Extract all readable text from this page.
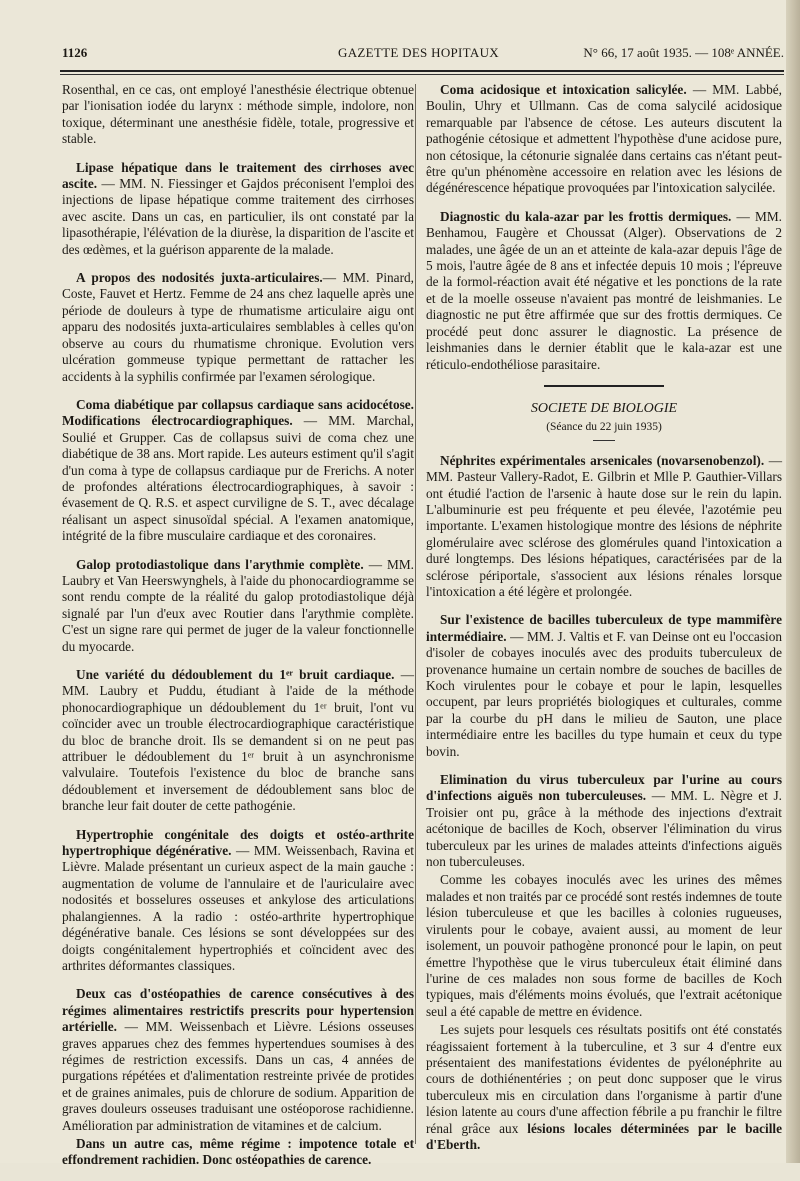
1126	GAZETTE DES HOPITAUX	N° 66, 17 août 1935. — 108ᵉ ANNÉE.

Rosenthal, en ce cas, ont employé l'anesthésie électrique obtenue par l'ionisation iodée du larynx : méthode simple, indolore, non toxique, déterminant une anesthésie fidèle, totale, progressive et stable.

Lipase hépatique dans le traitement des cirrhoses avec ascite. — MM. N. Fiessinger et Gajdos préconisent l'emploi des injections de lipase hépatique comme traitement des cirrhoses avec ascite. Dans un cas, en particulier, ils ont constaté par la lipasothérapie, l'élévation de la diurèse, la disparition de l'ascite et des œdèmes, et la guérison apparente de la malade.

A propos des nodosités juxta-articulaires.— MM. Pinard, Coste, Fauvet et Hertz. Femme de 24 ans chez laquelle après une période de douleurs à type de rhumatisme articulaire aigu ont apparu des nodosités juxta-articulaires semblables à celles qu'on observe au cours du rhumatisme chronique. Evolution vers ulcération gommeuse typique permettant de rattacher les accidents à la syphilis confirmée par l'examen sérologique.

Coma diabétique par collapsus cardiaque sans acidocétose. Modifications électrocardiographiques. — MM. Marchal, Soulié et Grupper. Cas de collapsus suivi de coma chez une diabétique de 38 ans. Mort rapide. Les auteurs estiment qu'il s'agit d'un coma à type de collapsus cardiaque pur de Frerichs. A noter de profondes altérations électrocardiographiques, à savoir : évasement de Q. R.S. et aspect curviligne de S. T., avec décalage réalisant un aspect sinusoïdal spécial. A l'examen anatomique, intégrité de la fibre musculaire cardiaque et des coronaires.

Galop protodiastolique dans l'arythmie complète. — MM. Laubry et Van Heerswynghels, à l'aide du phonocardiogramme se sont rendu compte de la réalité du galop protodiastolique déjà signalé par l'un d'eux avec Routier dans l'arythmie complète. C'est un signe rare qui permet de juger de la valeur fonctionnelle du myocarde.

Une variété du dédoublement du 1ᵉʳ bruit cardiaque. — MM. Laubry et Puddu, étudiant à l'aide de la méthode phonocardiographique un dédoublement du 1ᵉʳ bruit, l'ont vu coïncider avec un trouble électrocardiographique caractéristique du bloc de branche droit. Ils se demandent si on ne peut pas attribuer le dédoublement du 1ᵉʳ bruit à un asynchronisme valvulaire. Toutefois l'existence du bloc de branche sans dédoublement et inversement de dédoublement sans bloc de branche leur fait douter de cette pathogénie.

Hypertrophie congénitale des doigts et ostéo-arthrite hypertrophique dégénérative. — MM. Weissenbach, Ravina et Lièvre. Malade présentant un curieux aspect de la main gauche : augmentation de volume de l'annulaire et de l'auriculaire avec nodosités et bosselures osseuses et ankylose des articulations phalangiennes. A la radio : ostéo-arthrite hypertrophique dégénérative banale. Ces lésions se sont développées sur des doigts congénitalement hypertrophiés et coïncident avec des arthrites déformantes classiques.

Deux cas d'ostéopathies de carence consécutives à des régimes alimentaires restrictifs prescrits pour hypertension artérielle. — MM. Weissenbach et Lièvre. Lésions osseuses graves apparues chez des femmes hypertendues soumises à des régimes de restriction excessifs. Dans un cas, 4 années de purgations répétées et d'alimentation restreinte privée de protides et de graines animales, puis de chlorure de sodium. Apparition de graves douleurs osseuses traduisant une ostéoporose rachidienne. Amélioration par administration de vitamines et de calcium.

Dans un autre cas, même régime : impotence totale et effondrement rachidien. Donc ostéopathies de carence.

Coma acidosique et intoxication salicylée. — MM. Labbé, Boulin, Uhry et Ullmann. Cas de coma salycilé acidosique remarquable par l'absence de cétose. Les auteurs discutent la pathogénie cétosique et admettent l'hypothèse d'une acidose pure, non cétosique, la cétonurie signalée dans certains cas n'étant peut-être qu'un phénomène accessoire en relation avec les lésions de dégénérescence hépatique provoquées par l'intoxication salycilée.

Diagnostic du kala-azar par les frottis dermiques. — MM. Benhamou, Faugère et Choussat (Alger). Observations de 2 malades, une âgée de un an et atteinte de kala-azar depuis l'âge de 5 mois, l'autre âgée de 8 ans et infectée depuis 10 mois ; l'épreuve de la formol-réaction avait été négative et les ponctions de la rate et de la moelle osseuse n'avaient pas montré de leishmanies. Le diagnostic ne put être affirmée que sur des frottis dermiques. Ce procédé peut donc assurer le diagnostic. La présence de leishmanies dans le dernier établit que le kala-azar est une réticulo-endothéliose parasitaire.

SOCIETE DE BIOLOGIE
(Séance du 22 juin 1935)

Néphrites expérimentales arsenicales (novarsenobenzol). — MM. Pasteur Vallery-Radot, E. Gilbrin et Mlle P. Gauthier-Villars ont étudié l'action de l'arsenic à haute dose sur le rein du lapin. L'albuminurie est peu fréquente et peu élevée, l'azotémie peu importante. L'examen histologique montre des lésions de néphrite glomérulaire avec sclérose des glomérules quand l'intoxication a duré longtemps. Des lésions hépatiques, caractérisées par de la sclérose périportale, s'associent aux lésions rénales lorsque l'intoxication a été légère et prolongée.

Sur l'existence de bacilles tuberculeux de type mammifère intermédiaire. — MM. J. Valtis et F. van Deinse ont eu l'occasion d'isoler de cobayes inoculés avec des produits tuberculeux de provenance humaine un certain nombre de souches de bacilles de Koch virulentes pour le cobaye et pour le lapin, lesquelles occupent, par leurs propriétés biologiques et culturales, comme par la courbe du pH dans le milieu de Sauton, une place intermédiaire entre les bacilles du type humain et ceux du type bovin.

Elimination du virus tuberculeux par l'urine au cours d'infections aiguës non tuberculeuses. — MM. L. Nègre et J. Troisier ont pu, grâce à la méthode des injections d'extrait acétonique de bacilles de Koch, observer l'élimination du virus tuberculeux par les urines de malades atteints d'infections aiguës non tuberculeuses.

Comme les cobayes inoculés avec les urines des mêmes malades et non traités par ce procédé sont restés indemnes de toute lésion tuberculeuse et que les bacilles à colonies rugueuses, virulents pour le cobaye, avaient aussi, au moment de leur isolement, un pouvoir pathogène prononcé pour le lapin, on peut émettre l'hypothèse que le virus tuberculeux était éliminé dans l'urine de ces malades non sous forme de bacilles de Koch typiques, mais d'éléments moins évolués, que l'extrait acétonique seul a été capable de mettre en évidence.

Les sujets pour lesquels ces résultats positifs ont été constatés réagissaient fortement à la tuberculine, et 3 sur 4 d'entre eux présentaient des manifestations évidentes de pyélonéphrite au cours de dothiénentéries ; on peut donc supposer que le virus tuberculeux mis en circulation dans l'organisme à partir d'une lésion latente au cours d'une affection fébrile a pu franchir le filtre rénal grâce aux lésions locales déterminées par le bacille d'Eberth.
